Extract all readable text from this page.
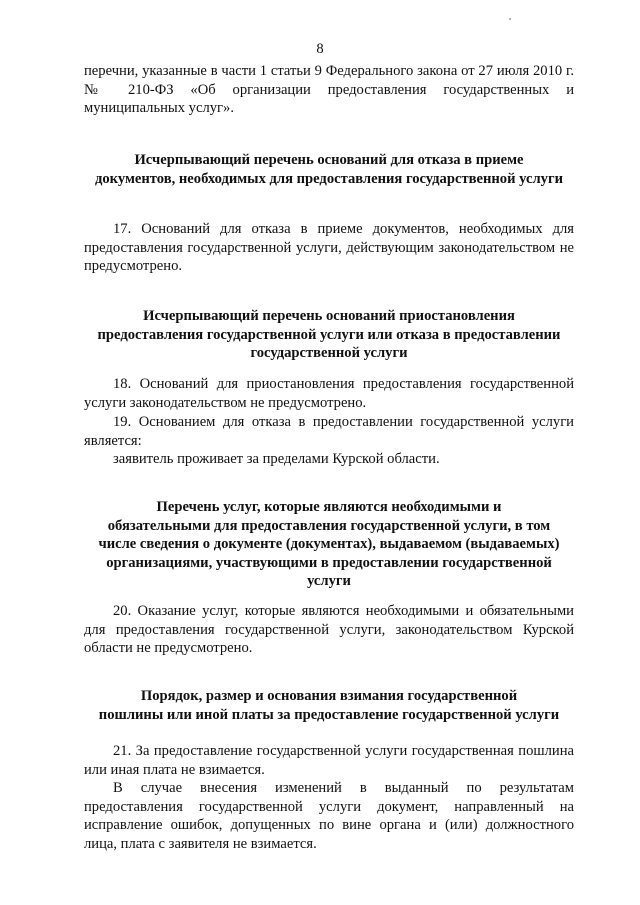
8

перечни, указанные в части 1 статьи 9 Федерального закона от 27 июля 2010 г. № 210-ФЗ «Об организации предоставления государственных и муниципальных услуг».

Исчерпывающий перечень оснований для отказа в приеме
документов, необходимых для предоставления государственной услуги

17. Оснований для отказа в приеме документов, необходимых для предоставления государственной услуги, действующим законодательством не предусмотрено.

Исчерпывающий перечень оснований приостановления
предоставления государственной услуги или отказа в предоставлении
государственной услуги

18. Оснований для приостановления предоставления государственной услуги законодательством не предусмотрено.

19. Основанием для отказа в предоставлении государственной услуги является:

заявитель проживает за пределами Курской области.

Перечень услуг, которые являются необходимыми и
обязательными для предоставления государственной услуги, в том
числе сведения о документе (документах), выдаваемом (выдаваемых)
организациями, участвующими в предоставлении государственной
услуги

20. Оказание услуг, которые являются необходимыми и обязательными для предоставления государственной услуги, законодательством Курской области не предусмотрено.

Порядок, размер и основания взимания государственной
пошлины или иной платы за предоставление государственной услуги

21. За предоставление государственной услуги государственная пошлина или иная плата не взимается.

В случае внесения изменений в выданный по результатам предоставления государственной услуги документ, направленный на исправление ошибок, допущенных по вине органа и (или) должностного лица, плата с заявителя не взимается.
